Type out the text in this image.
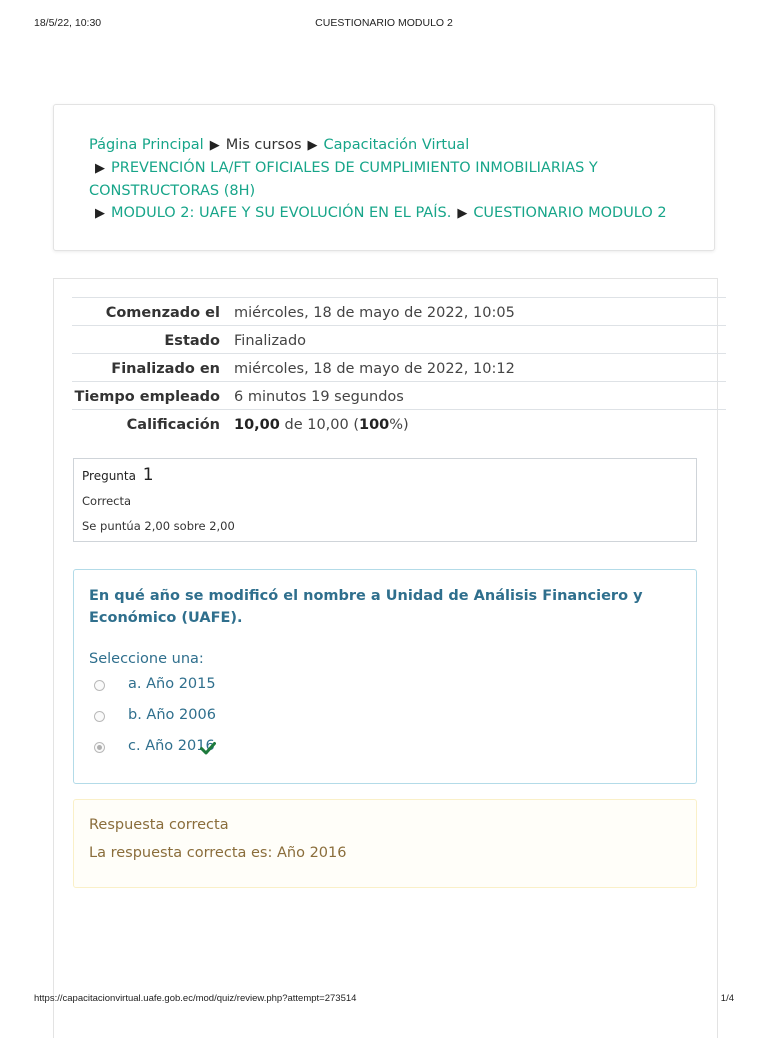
18/5/22, 10:30	CUESTIONARIO MODULO 2
Página Principal ▶ Mis cursos ▶ Capacitación Virtual
▶ PREVENCIÓN LA/FT OFICIALES DE CUMPLIMIENTO INMOBILIARIAS Y CONSTRUCTORAS (8H)
▶ MODULO 2: UAFE Y SU EVOLUCIÓN EN EL PAÍS. ▶ CUESTIONARIO MODULO 2
Comenzado el	miércoles, 18 de mayo de 2022, 10:05
Estado	Finalizado
Finalizado en	miércoles, 18 de mayo de 2022, 10:12
Tiempo empleado	6 minutos 19 segundos
Calificación	10,00 de 10,00 (100%)
Pregunta 1
Correcta
Se puntúa 2,00 sobre 2,00
En qué año se modificó el nombre a Unidad de Análisis Financiero y Económico (UAFE).
Seleccione una:
a. Año 2015
b. Año 2006
c. Año 2016
Respuesta correcta
La respuesta correcta es: Año 2016
https://capacitacionvirtual.uafe.gob.ec/mod/quiz/review.php?attempt=273514	1/4
